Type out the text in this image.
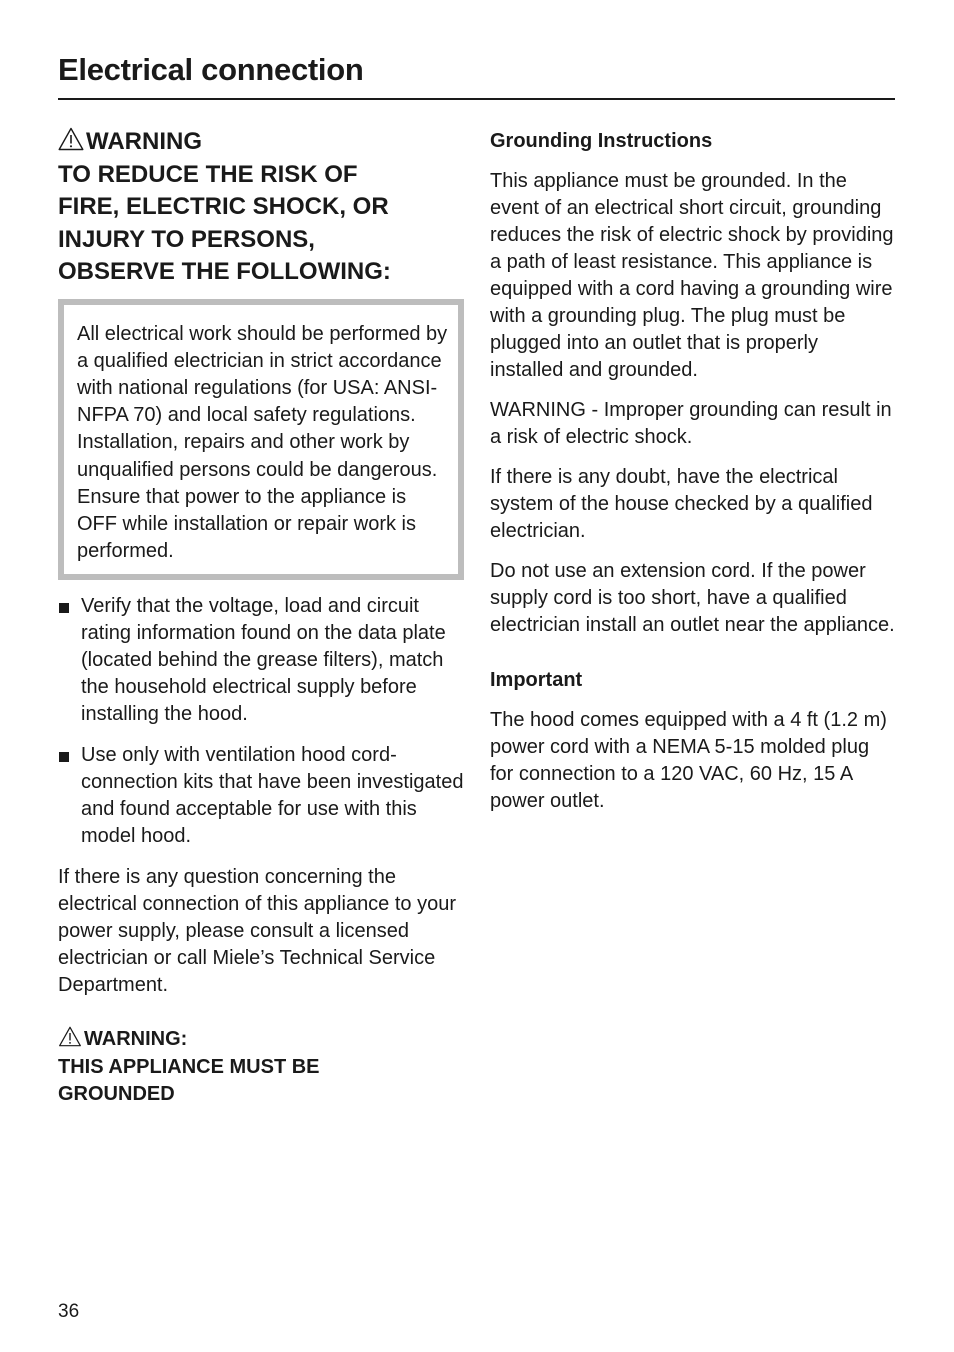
Electrical connection
WARNING
TO REDUCE THE RISK OF
FIRE, ELECTRIC SHOCK, OR
INJURY TO PERSONS,
OBSERVE THE FOLLOWING:

All electrical work should be performed by a qualified electrician in strict accordance with national regulations (for USA: ANSI-NFPA 70) and local safety regulations. Installation, repairs and other work by unqualified persons could be dangerous.

Ensure that power to the appliance is OFF while installation or repair work is performed.

Verify that the voltage, load and circuit rating information found on the data plate (located behind the grease filters), match the household electrical supply before installing the hood.
Use only with ventilation hood cord-connection kits that have been investigated and found acceptable for use with this model hood.

If there is any question concerning the electrical connection of this appliance to your power supply, please consult a licensed electrician or call Miele’s Technical Service Department.

WARNING:
THIS APPLIANCE MUST BE
GROUNDED
Grounding Instructions

This appliance must be grounded. In the event of an electrical short circuit, grounding reduces the risk of electric shock by providing a path of least resistance. This appliance is equipped with a cord having a grounding wire with a grounding plug. The plug must be plugged into an outlet that is properly installed and grounded.

WARNING - Improper grounding can result in a risk of electric shock.

If there is any doubt, have the electrical system of the house checked by a qualified electrician.

Do not use an extension cord. If the power supply cord is too short, have a qualified electrician install an outlet near the appliance.

Important

The hood comes equipped with a 4 ft (1.2 m) power cord with a NEMA 5-15 molded plug for connection to a 120 VAC, 60 Hz, 15 A power outlet.

36
